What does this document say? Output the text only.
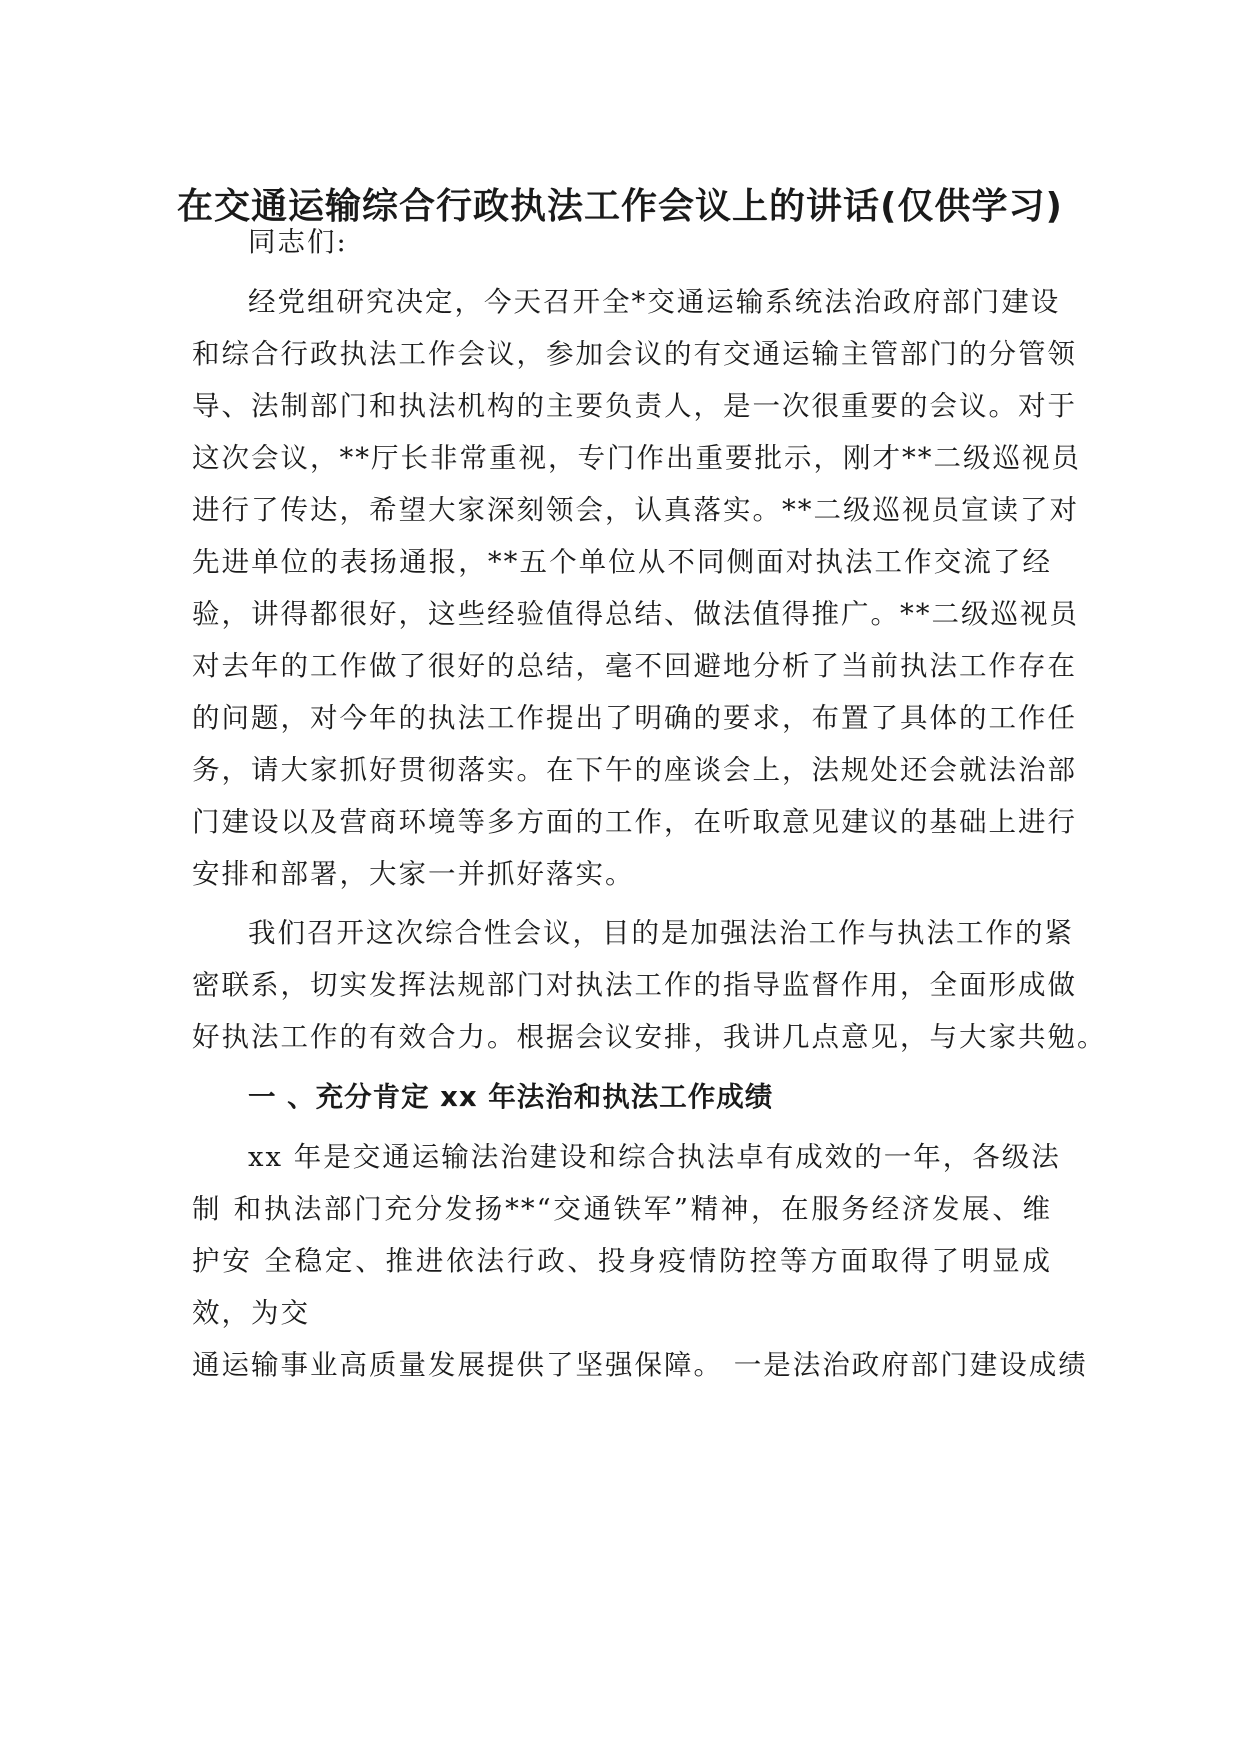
在交通运输综合行政执法工作会议上的讲话(仅供学习)
同志们:
经党组研究决定，今天召开全*交通运输系统法治政府部门建设
和综合行政执法工作会议，参加会议的有交通运输主管部门的分管领
导、法制部门和执法机构的主要负责人，是一次很重要的会议。对于
这次会议，**厅长非常重视，专门作出重要批示，刚才**二级巡视员
进行了传达，希望大家深刻领会，认真落实。**二级巡视员宣读了对
先进单位的表扬通报，**五个单位从不同侧面对执法工作交流了经
验，讲得都很好，这些经验值得总结、做法值得推广。**二级巡视员
对去年的工作做了很好的总结，毫不回避地分析了当前执法工作存在
的问题，对今年的执法工作提出了明确的要求，布置了具体的工作任
务，请大家抓好贯彻落实。在下午的座谈会上，法规处还会就法治部
门建设以及营商环境等多方面的工作，在听取意见建议的基础上进行
安排和部署，大家一并抓好落实。
我们召开这次综合性会议，目的是加强法治工作与执法工作的紧
密联系，切实发挥法规部门对执法工作的指导监督作用，全面形成做
好执法工作的有效合力。根据会议安排，我讲几点意见，与大家共勉。
一 、充分肯定 xx 年法治和执法工作成绩
xx 年是交通运输法治建设和综合执法卓有成效的一年，各级法
制 和执法部门充分发扬**“交通铁军”精神，在服务经济发展、维
护安 全稳定、推进依法行政、投身疫情防控等方面取得了明显成
效，为交
通运输事业高质量发展提供了坚强保障。 一是法治政府部门建设成绩
